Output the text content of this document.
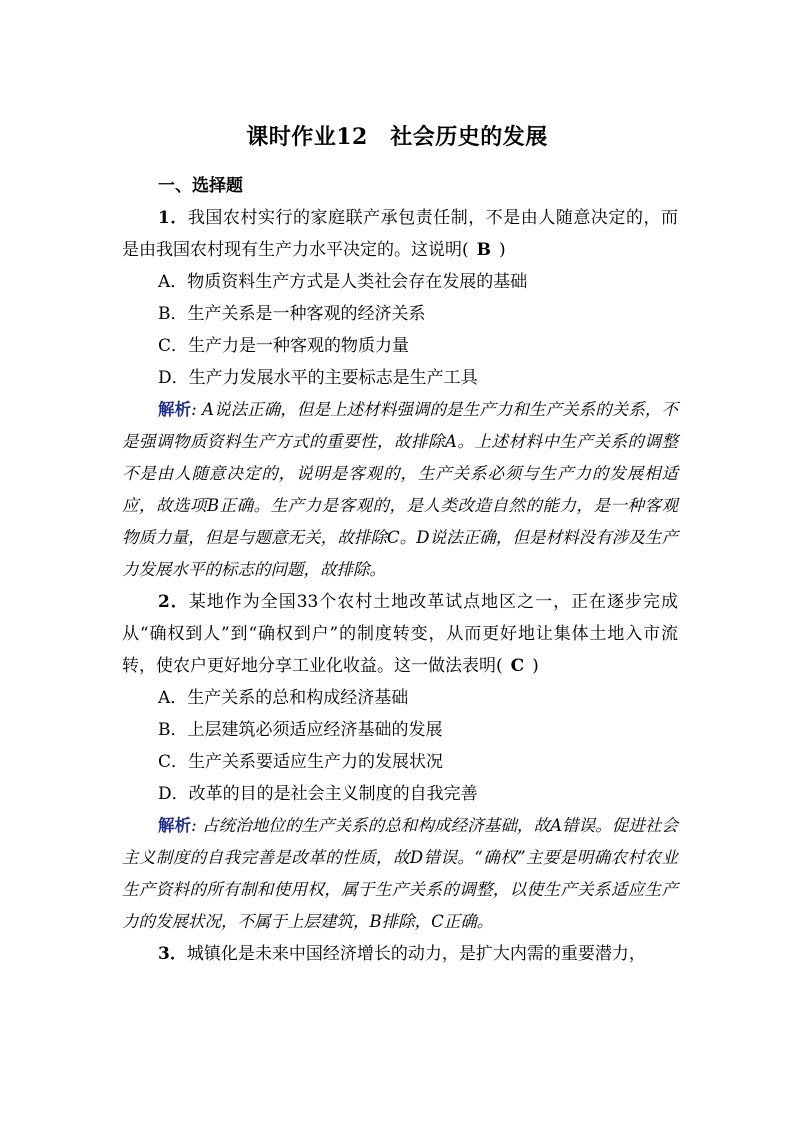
课时作业12　社会历史的发展

一、选择题

1．我国农村实行的家庭联产承包责任制，不是由人随意决定的，而是由我国农村现有生产力水平决定的。这说明( B )

A．物质资料生产方式是人类社会存在发展的基础

B．生产关系是一种客观的经济关系

C．生产力是一种客观的物质力量

D．生产力发展水平的主要标志是生产工具

解析: A说法正确，但是上述材料强调的是生产力和生产关系的关系，不是强调物质资料生产方式的重要性，故排除A。上述材料中生产关系的调整不是由人随意决定的，说明是客观的，生产关系必须与生产力的发展相适应，故选项B正确。生产力是客观的，是人类改造自然的能力，是一种客观物质力量，但是与题意无关，故排除C。D说法正确，但是材料没有涉及生产力发展水平的标志的问题，故排除。

2．某地作为全国33个农村土地改革试点地区之一，正在逐步完成从“确权到人”到“确权到户”的制度转变，从而更好地让集体土地入市流转，使农户更好地分享工业化收益。这一做法表明( C )

A．生产关系的总和构成经济基础

B．上层建筑必须适应经济基础的发展

C．生产关系要适应生产力的发展状况

D．改革的目的是社会主义制度的自我完善

解析: 占统治地位的生产关系的总和构成经济基础，故A错误。促进社会主义制度的自我完善是改革的性质，故D错误。“确权”主要是明确农村农业生产资料的所有制和使用权，属于生产关系的调整，以使生产关系适应生产力的发展状况，不属于上层建筑，B排除，C正确。

3．城镇化是未来中国经济增长的动力，是扩大内需的重要潜力，
